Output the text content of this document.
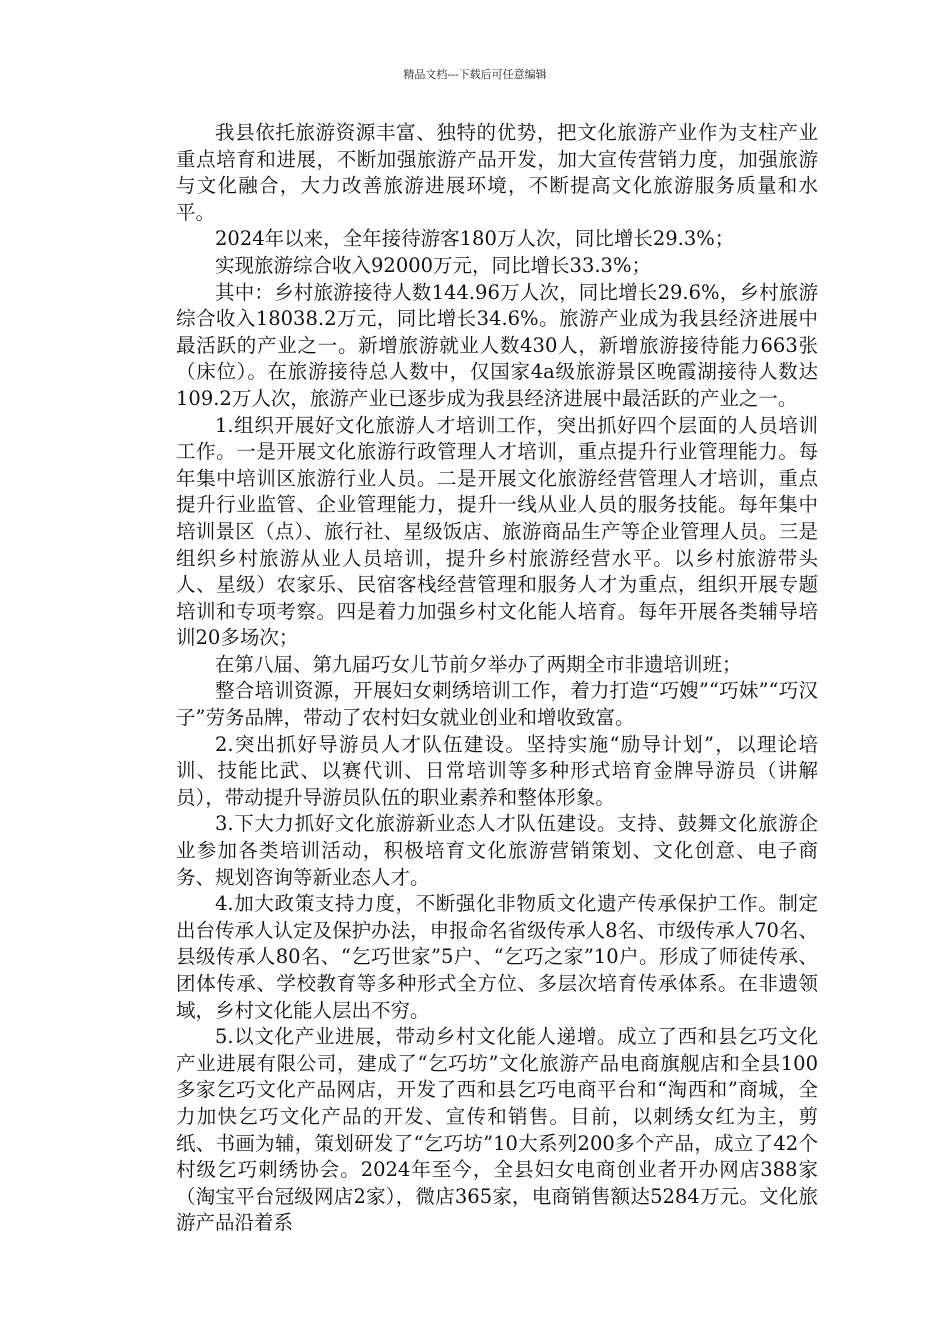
精品文档---下载后可任意编辑

我县依托旅游资源丰富、独特的优势，把文化旅游产业作为支柱产业重点培育和进展，不断加强旅游产品开发，加大宣传营销力度，加强旅游与文化融合，大力改善旅游进展环境，不断提高文化旅游服务质量和水平。

2024年以来，全年接待游客180万人次，同比增长29.3%；

实现旅游综合收入92000万元，同比增长33.3%；

其中：乡村旅游接待人数144.96万人次，同比增长29.6%，乡村旅游综合收入18038.2万元，同比增长34.6%。旅游产业成为我县经济进展中最活跃的产业之一。新增旅游就业人数430人，新增旅游接待能力663张（床位）。在旅游接待总人数中，仅国家4a级旅游景区晚霞湖接待人数达109.2万人次，旅游产业已逐步成为我县经济进展中最活跃的产业之一。

1.组织开展好文化旅游人才培训工作，突出抓好四个层面的人员培训工作。一是开展文化旅游行政管理人才培训，重点提升行业管理能力。每年集中培训区旅游行业人员。二是开展文化旅游经营管理人才培训，重点提升行业监管、企业管理能力，提升一线从业人员的服务技能。每年集中培训景区（点）、旅行社、星级饭店、旅游商品生产等企业管理人员。三是组织乡村旅游从业人员培训，提升乡村旅游经营水平。以乡村旅游带头人、星级）农家乐、民宿客栈经营管理和服务人才为重点，组织开展专题培训和专项考察。四是着力加强乡村文化能人培育。每年开展各类辅导培训20多场次；

在第八届、第九届巧女儿节前夕举办了两期全市非遗培训班；

整合培训资源，开展妇女刺绣培训工作，着力打造“巧嫂”“巧妹”“巧汉子”劳务品牌，带动了农村妇女就业创业和增收致富。

2.突出抓好导游员人才队伍建设。坚持实施“励导计划”，以理论培训、技能比武、以赛代训、日常培训等多种形式培育金牌导游员（讲解员），带动提升导游员队伍的职业素养和整体形象。

3.下大力抓好文化旅游新业态人才队伍建设。支持、鼓舞文化旅游企业参加各类培训活动，积极培育文化旅游营销策划、文化创意、电子商务、规划咨询等新业态人才。

4.加大政策支持力度，不断强化非物质文化遗产传承保护工作。制定出台传承人认定及保护办法，申报命名省级传承人8名、市级传承人70名、县级传承人80名、“乞巧世家”5户、“乞巧之家”10户。形成了师徒传承、团体传承、学校教育等多种形式全方位、多层次培育传承体系。在非遗领域，乡村文化能人层出不穷。

5.以文化产业进展，带动乡村文化能人递增。成立了西和县乞巧文化产业进展有限公司，建成了“乞巧坊”文化旅游产品电商旗舰店和全县100多家乞巧文化产品网店，开发了西和县乞巧电商平台和“淘西和”商城，全力加快乞巧文化产品的开发、宣传和销售。目前，以刺绣女红为主，剪纸、书画为辅，策划研发了“乞巧坊”10大系列200多个产品，成立了42个村级乞巧刺绣协会。2024年至今，全县妇女电商创业者开办网店388家（淘宝平台冠级网店2家），微店365家，电商销售额达5284万元。文化旅游产品沿着系
